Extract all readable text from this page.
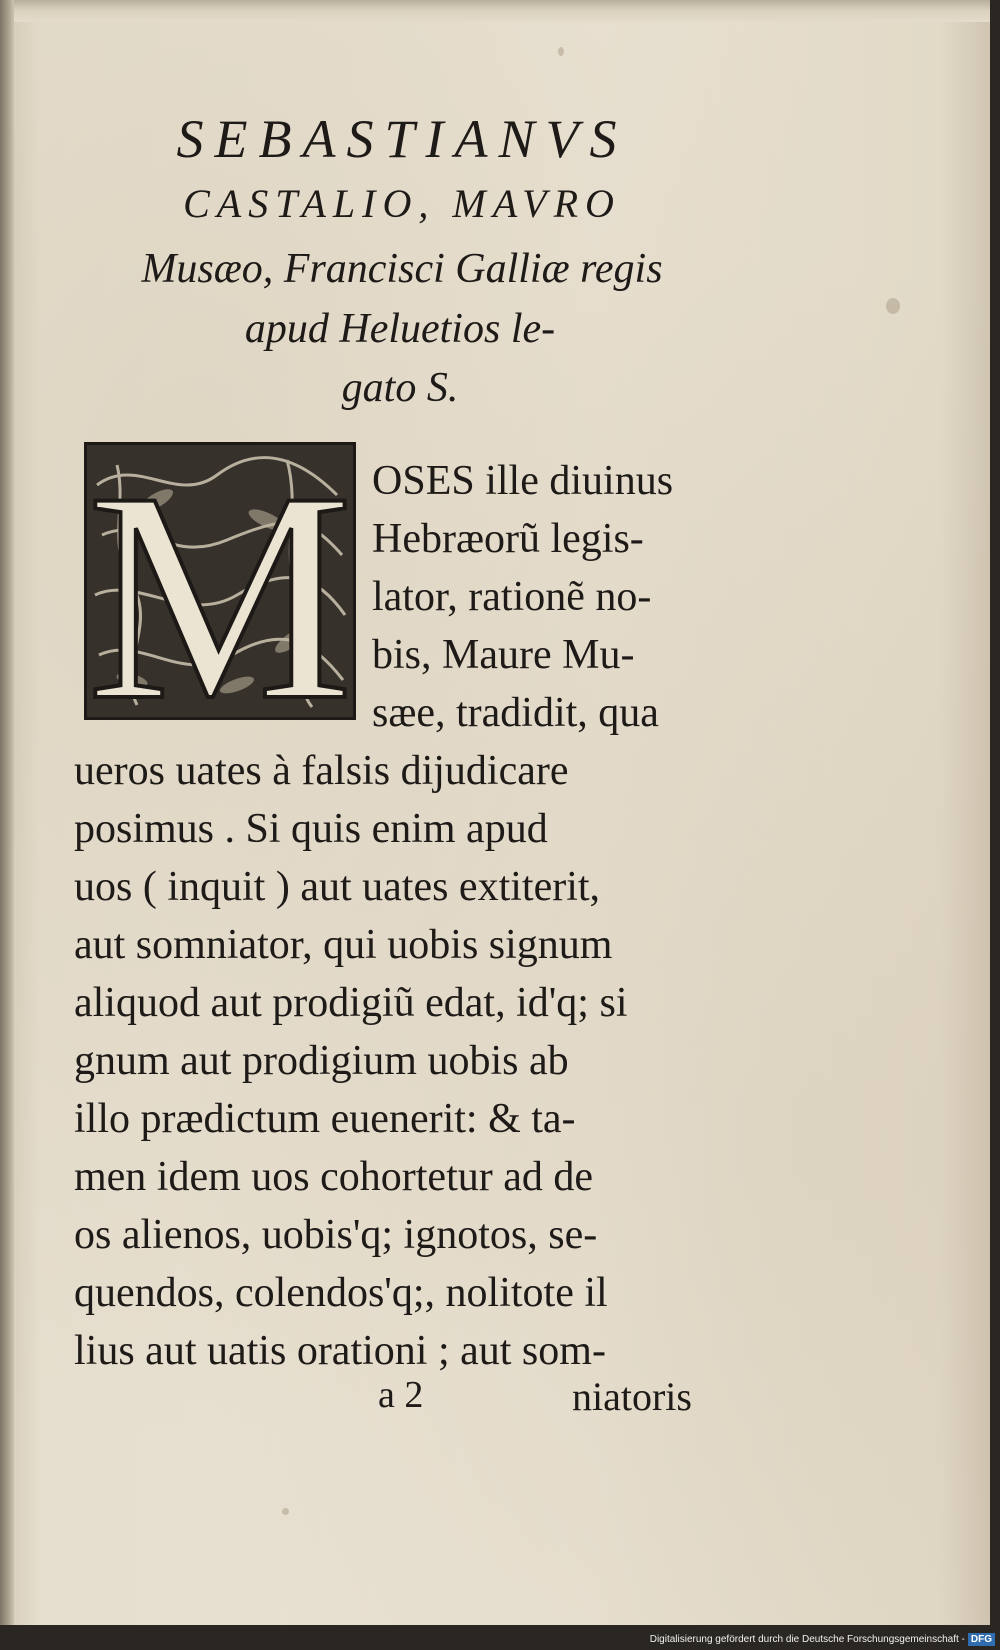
SEBASTIANVS

CASTALIO, MAVRO

Musæo, Francisci Galliæ regis

apud Heluetios le-

gato S.

M OSES ille diuinus

Hebræorũ legis-

lator, rationẽ no-

bis, Maure Mu-

sæe, tradidit, qua

ueros uates à falsis dijudicare

posimus . Si quis enim apud

uos ( inquit ) aut uates extiterit,

aut somniator, qui uobis signum

aliquod aut prodigiũ edat, id'q; si

gnum aut prodigium uobis ab

illo prædictum euenerit: & ta-

men idem uos cohortetur ad de

os alienos, uobis'q; ignotos, se-

quendos, colendos'q;, nolitote il

lius aut uatis orationi ; aut som-

a 2	niatoris

Digitalisierung gefördert durch die Deutsche Forschungsgemeinschaft - DFG
